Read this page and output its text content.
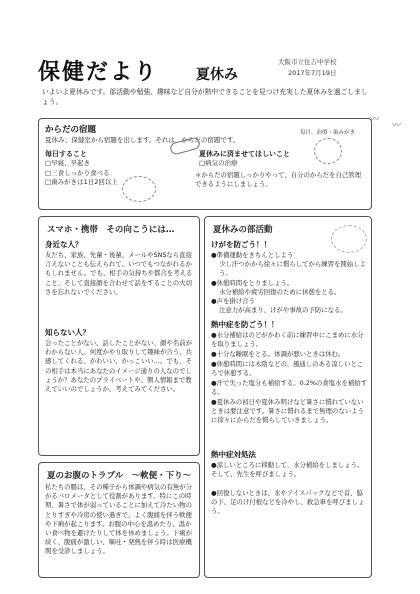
〰
〰
保健だより	夏休み
大阪市立住吉中学校
2017年7月19日
いよいよ夏休みです。部活動や勉強、趣味など自分が熱中できることを見つけ充実した夏休みを過ごしましょう。
からだの宿題
夏休み、保健室から宿題を出します。それは、からだの宿題です。
毎日すること
□早寝、早起き
□三食しっかり食べる
□歯みがきは1日2回以上
夏休みに済ませてほしいこと
□病気の治療
＊からだの宿題しっかりやって、自分のからだを自己管理できるようにしましょう。
毎日、治療・歯みがき
スマホ・携帯　その向こうには…
身近な人？
友だち、家族、先輩・後輩、メールやSNSなら直接言えないことも伝えられて、いつでもつながれるかもしれません。でも、相手の気持ちや都合を考えること、そして直接顔を合わせて話をすることの大切さを忘れないでください。
知らない人？
会ったことがない、話したことがない、顔や名前がわからない人。何度かやり取りして趣味が合う、共感してくれる、かわいい、かっこいい…。でも、その相手は本当にあなたのイメージ通りの人なのでしょうか？あなたのプライベートや、個人情報まで教えていいのでしょうか。考えてみてください。
夏のお腹のトラブル　～軟便・下り～
私たちの腸は、その種子から体調や病気の有無が分かるバロメータとして役割があります。特にこの時期、暑さで体が弱っていることに加えて冷たい物のとりすぎや冷房の使い過ぎで、よく腹痛を伴う軟便や下痢が起こります。お腹の中心を温めたり、温かい食べ物を避けたりして体を休めましょう。下痢が続く、腹痛が激しい、嘔吐・発熱を伴う時は医療機関を受診しましょう。
夏休みの部活動
けがを防ごう！！
●準備運動をきちんとしよう
少し汗つかから徐々に慣らしてから練習を開始しよう。
●休憩時間をとりましょう。
水分補給や疲労回復のために休憩をとる。
●声を掛け合う
注意力が高まり、けがや事故の予防になる。
熱中症を防ごう！！
●水分補給はのどがかわく前に練習中にこまめに水分を取りましょう。
●十分な睡眠をとる。体調が悪いときは休む。
●休憩時間には木陰などの、風通しのある涼しいところで休憩する。
●汗で失った塩分も補給する。0.2%の食塩水を補給する。
●夏休みの初日や夏休み明けなど暑さに慣れていないときは要注意です。暑さに慣れるまで無理のないように徐々にからだを慣らしていきましょう。
熱中症対処法
●涼しいところに移動して、水分補給をしましょう。そして、先生を呼びましょう。
●回復しないときは、氷やアイスパックなどで首、脇の下、足のけ付根などを冷やし、救急車を呼びましょう。
